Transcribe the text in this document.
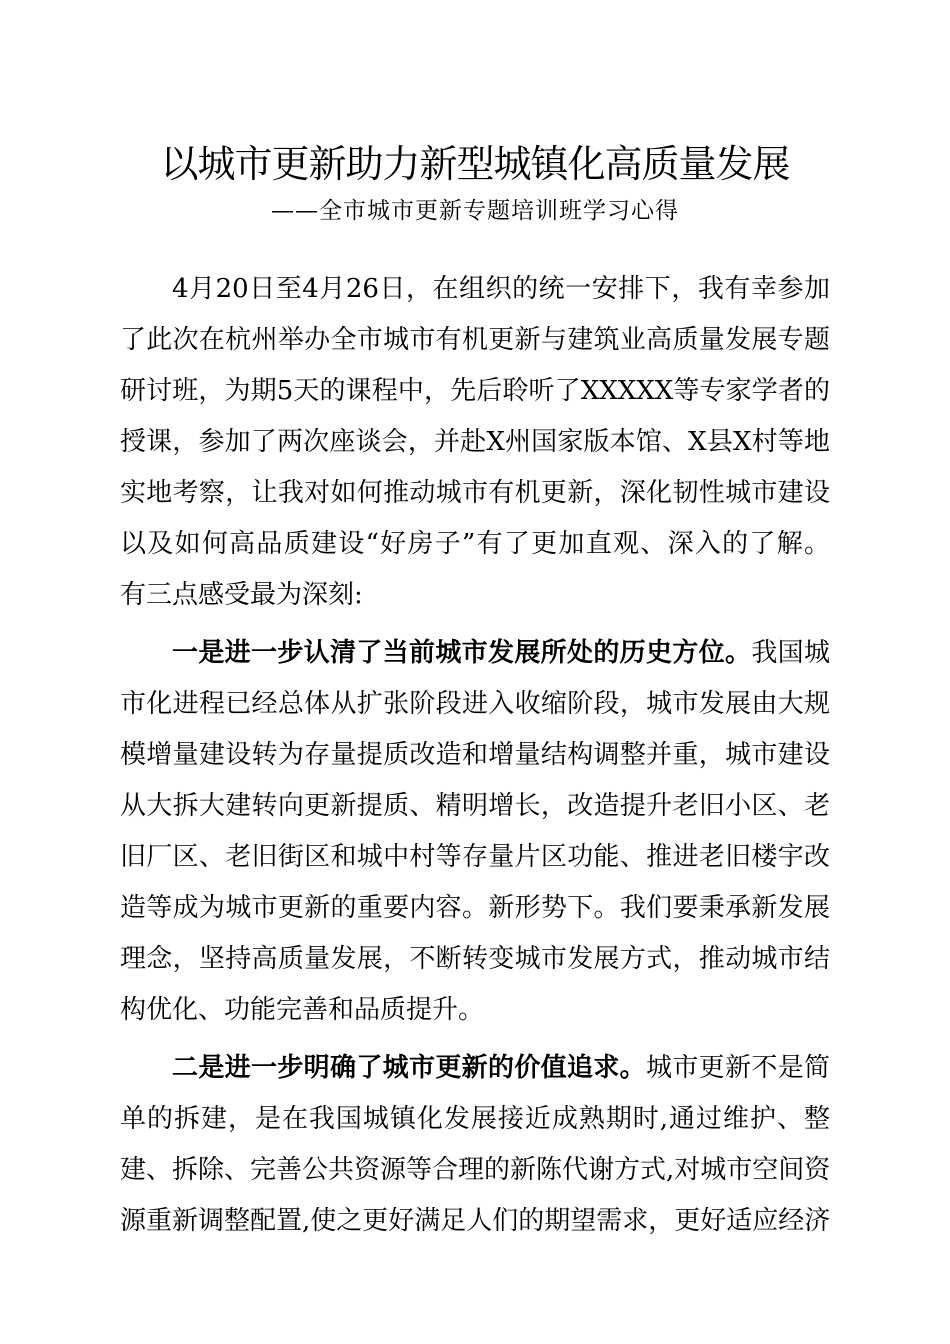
以城市更新助力新型城镇化高质量发展
——全市城市更新专题培训班学习心得
4月20日至4月26日，在组织的统一安排下，我有幸参加
了此次在杭州举办全市城市有机更新与建筑业高质量发展专题
研讨班，为期5天的课程中，先后聆听了XXXXX等专家学者的
授课，参加了两次座谈会，并赴X州国家版本馆、X县X村等地
实地考察，让我对如何推动城市有机更新，深化韧性城市建设
以及如何高品质建设“好房子”有了更加直观、深入的了解。
有三点感受最为深刻:
一是进一步认清了当前城市发展所处的历史方位。我国城
市化进程已经总体从扩张阶段进入收缩阶段，城市发展由大规
模增量建设转为存量提质改造和增量结构调整并重，城市建设
从大拆大建转向更新提质、精明增长，改造提升老旧小区、老
旧厂区、老旧街区和城中村等存量片区功能、推进老旧楼宇改
造等成为城市更新的重要内容。新形势下。我们要秉承新发展
理念，坚持高质量发展，不断转变城市发展方式，推动城市结
构优化、功能完善和品质提升。
二是进一步明确了城市更新的价值追求。城市更新不是简
单的拆建，是在我国城镇化发展接近成熟期时,通过维护、整
建、拆除、完善公共资源等合理的新陈代谢方式,对城市空间资
源重新调整配置,使之更好满足人们的期望需求，更好适应经济
